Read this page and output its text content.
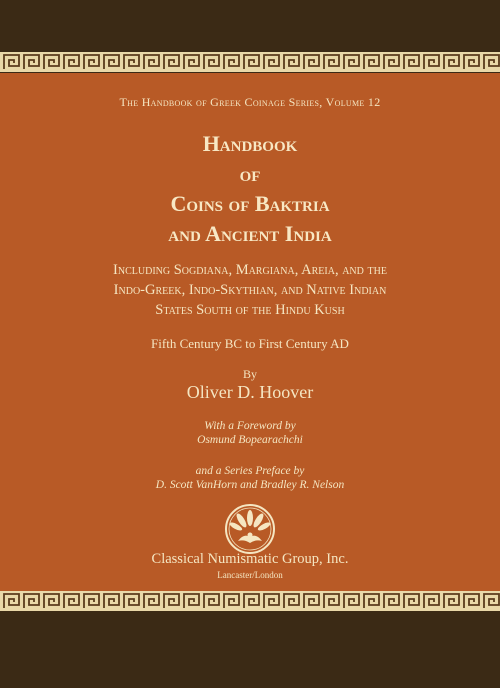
The Handbook of Greek Coinage Series, Volume 12
Handbook
of
Coins of Baktria
and Ancient India
Including Sogdiana, Margiana, Areia, and the
Indo-Greek, Indo-Skythian, and Native Indian
States South of the Hindu Kush
Fifth Century BC to First Century AD
By
Oliver D. Hoover
With a Foreword by
Osmund Bopearachchi
and a Series Preface by
D. Scott VanHorn and Bradley R. Nelson
Classical Numismatic Group, Inc.
Lancaster/London
